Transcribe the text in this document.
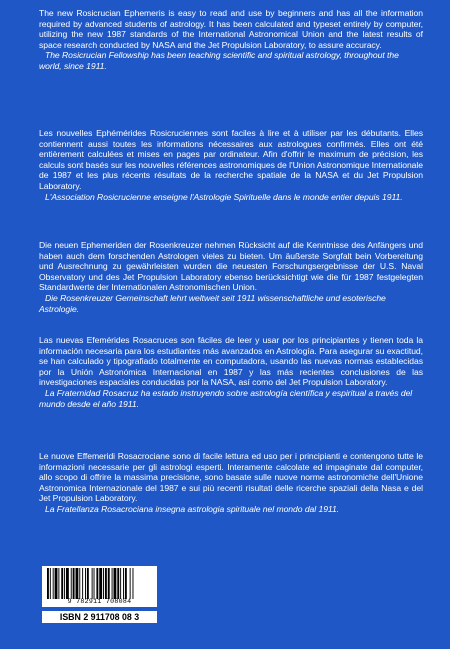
The new Rosicrucian Ephemeris is easy to read and use by beginners and has all the information required by advanced students of astrology. It has been calculated and typeset entirely by computer, utilizing the new 1987 standards of the International Astronomical Union and the latest results of space research conducted by NASA and the Jet Propulsion Laboratory, to assure accuracy.
The Rosicrucian Fellowship has been teaching scientific and spiritual astrology, throughout the world, since 1911.
Les nouvelles Ephémérides Rosicruciennes sont faciles à lire et à utiliser par les débutants. Elles contiennent aussi toutes les informations nécessaires aux astrologues confirmés. Elles ont été entièrement calculées et mises en pages par ordinateur. Afin d'offrir le maximum de précision, les calculs sont basés sur les nouvelles références astronomiques de l'Union Astronomique Internationale de 1987 et les plus récents résultats de la recherche spatiale de la NASA et du Jet Propulsion Laboratory.
L'Association Rosicrucienne enseigne l'Astrologie Spirituelle dans le monde entier depuis 1911.
Die neuen Ephemeriden der Rosenkreuzer nehmen Rücksicht auf die Kenntnisse des Anfängers und haben auch dem forschenden Astrologen vieles zu bieten. Um äußerste Sorgfalt bein Vorbereitung und Ausrechnung zu gewährleisten wurden die neuesten Forschungsergebnisse der U.S. Naval Observatory und des Jet Propulsion Laboratory ebenso berücksichtigt wie die für 1987 festgelegten Standardwerte der Internationalen Astronomischen Union.
Die Rosenkreuzer Gemeinschaft lehrt weltweit seit 1911 wissenschaftliche und esoterische Astrologie.
Las nuevas Efemérides Rosacruces son fáciles de leer y usar por los principiantes y tienen toda la información necesaria para los estudiantes más avanzados en Astrología. Para asegurar su exactitud, se han calculado y tipografiado totalmente en computadora, usando las nuevas normas establecidas por la Unión Astronómica Internacional en 1987 y las más recientes conclusiones de las investigaciones espaciales conducidas por la NASA, así como del Jet Propulsion Laboratory.
La Fraternidad Rosacruz ha estado instruyendo sobre astrología científica y espiritual a través del mundo desde el año 1911.
Le nuove Effemeridi Rosacrociane sono di facile lettura ed uso per i principianti e contengono tutte le informazioni necessarie per gli astrologi esperti. Interamente calcolate ed impaginate dal computer, allo scopo di offrire la massima precisione, sono basate sulle nuove norme astronomiche dell'Unione Astronomica Internazionale del 1987 e sui più recenti risultati delle ricerche spaziali della Nasa e del Jet Propulsion Laboratory.
La Fratellanza Rosacrociana insegna astrologia spirituale nel mondo dal 1911.
9 782911 708084
ISBN 2 911708 08 3
